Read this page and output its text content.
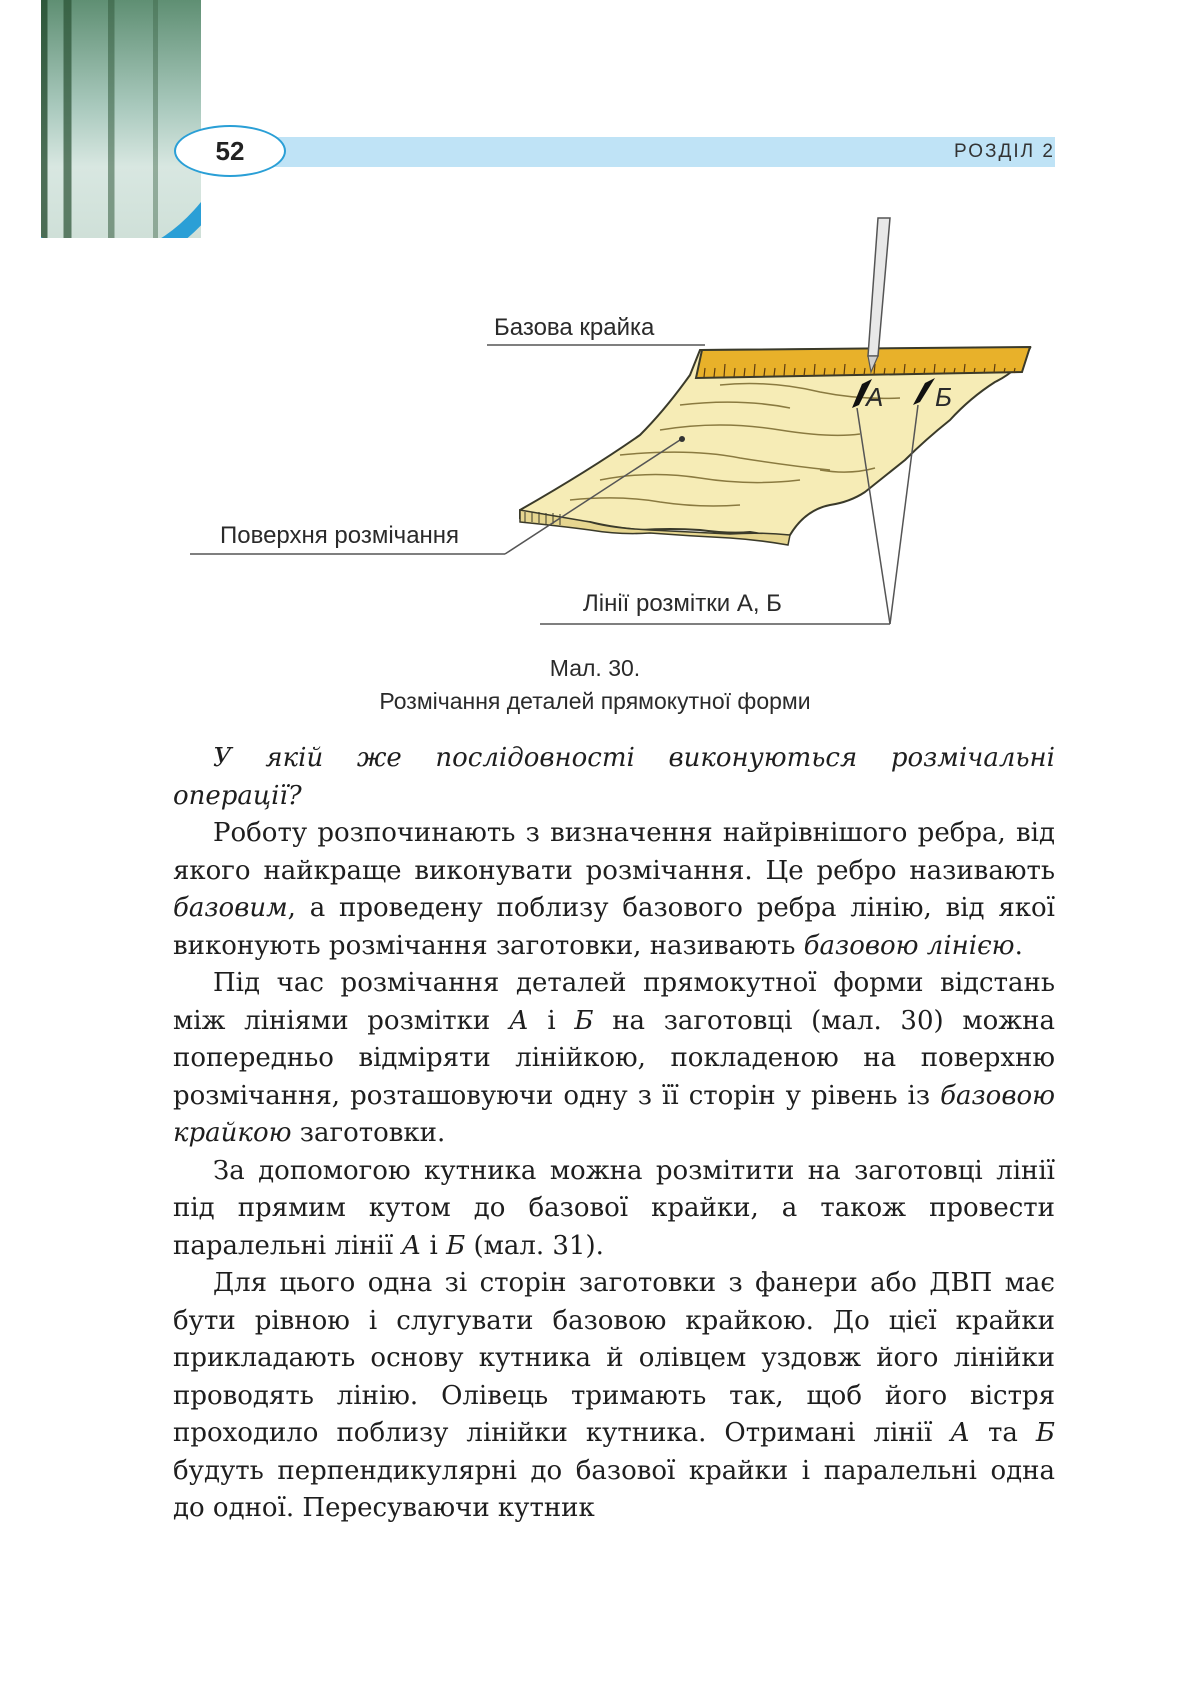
52	РОЗДІЛ 2
Базова крайка
Поверхня розмічання
Лінії розмітки А, Б
А Б
Мал. 30.
Розмічання деталей прямокутної форми

У якій же послідовності виконуються розмічальні операції?

Роботу розпочинають з визначення найрівнішого ребра, від якого найкраще виконувати розмічання. Це ребро називають базовим, а проведену поблизу базового ребра лінію, від якої виконують розмічання заготовки, називають базовою лінією.

Під час розмічання деталей прямокутної форми відстань між лініями розмітки А і Б на заготовці (мал. 30) можна попередньо відміряти лінійкою, покладеною на поверхню розмічання, розташовуючи одну з її сторін у рівень із базовою крайкою заготовки.

За допомогою кутника можна розмітити на заготовці лінії під прямим кутом до базової крайки, а також провести паралельні лінії А і Б (мал. 31).

Для цього одна зі сторін заготовки з фанери або ДВП має бути рівною і слугувати базовою крайкою. До цієї крайки прикладають основу кутника й олівцем уздовж його лінійки проводять лінію. Олівець тримають так, щоб його вістря проходило поблизу лінійки кутника. Отримані лінії А та Б будуть перпендикулярні до базової крайки і паралельні одна до одної. Пересуваючи кутник
